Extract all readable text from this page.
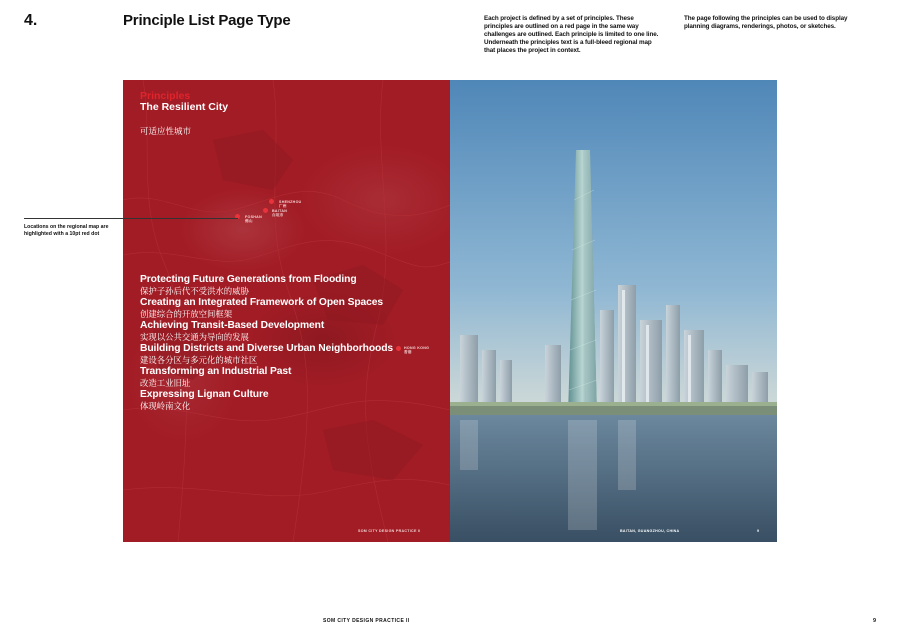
4.	Principle List Page Type	Each project is defined by a set of principles. These principles are outlined on a red page in the same way challenges are outlined. Each principle is limited to one line. Underneath the principles text is a full-bleed regional map that places the project in context.
The page following the principles can be used to display planning diagrams, renderings, photos, or sketches.
Principles
The Resilient City
可适应性城市
SHENZHOU
广州
BAITAN
白坦市
FOSHAN
佛山
HONG KONG
香港
Protecting Future Generations from Flooding
保护子孙后代不受洪水的威胁
Creating an Integrated Framework of Open Spaces
创建综合的开放空间框架
Achieving Transit-Based Development
实现以公共交通为导向的发展
Building Districts and Diverse Urban Neighborhoods
建设各分区与多元化的城市社区
Transforming an Industrial Past
改造工业旧址
Expressing Lignan Culture
体现岭南文化
SOM CITY DESIGN PRACTICE II	BAITAN, GUANGZHOU, CHINA	9
Locations on the regional map are highlighted with a 10pt red dot
SOM CITY DESIGN PRACTICE II	9
